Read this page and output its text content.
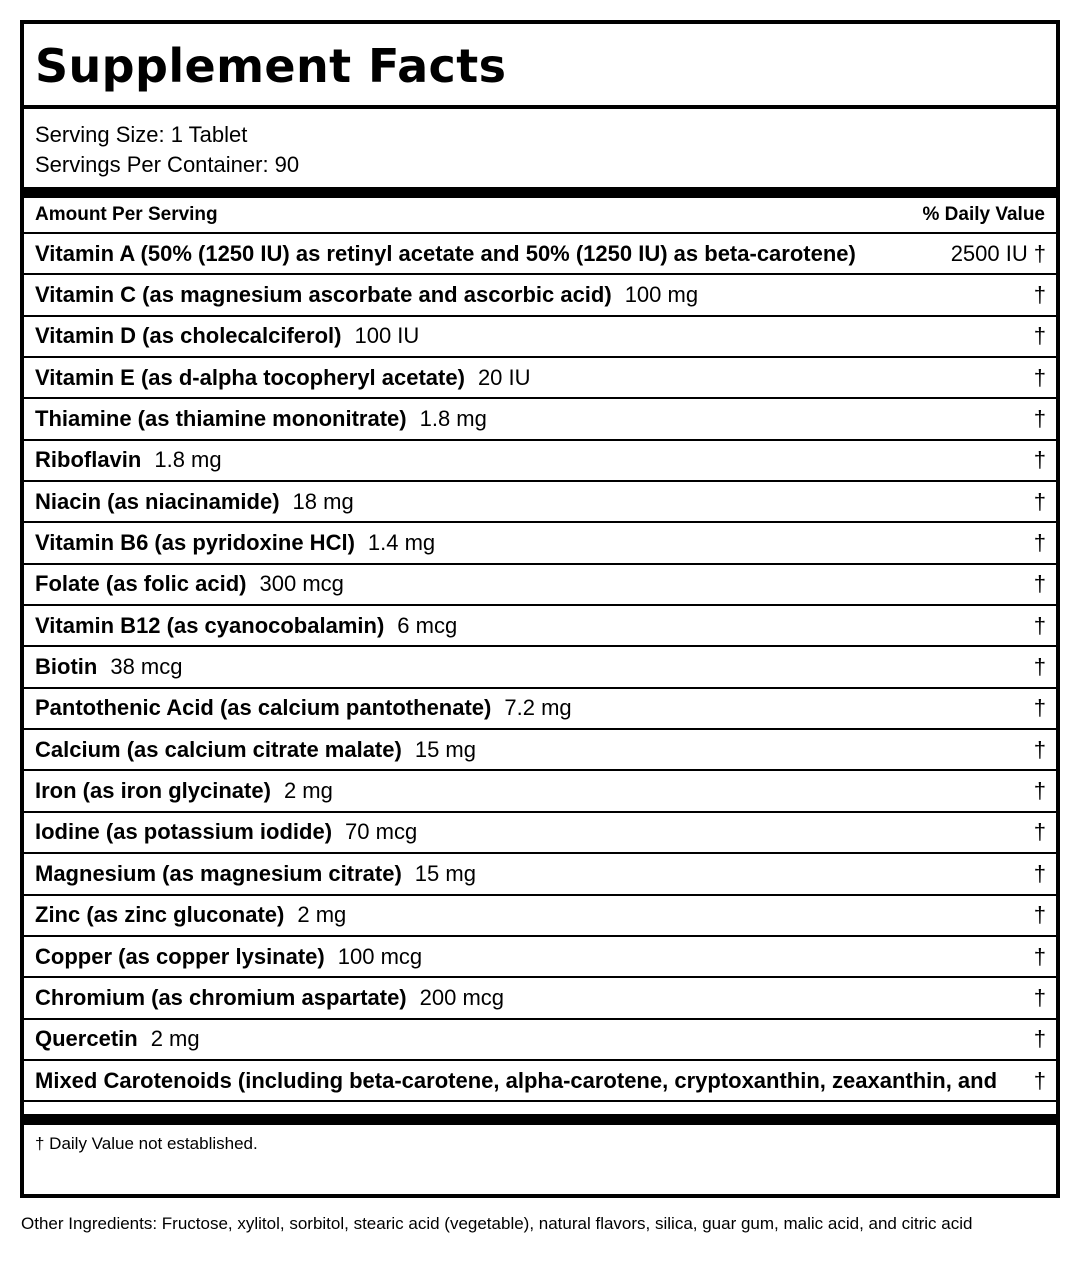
Supplement Facts
Serving Size: 1 Tablet
Servings Per Container: 90
Amount Per Serving	% Daily Value
Vitamin A (50% (1250 IU) as retinyl acetate and 50% (1250 IU) as beta-carotene)	2500 IU †
Vitamin C (as magnesium ascorbate and ascorbic acid) 100 mg	†
Vitamin D (as cholecalciferol) 100 IU	†
Vitamin E (as d-alpha tocopheryl acetate) 20 IU	†
Thiamine (as thiamine mononitrate) 1.8 mg	†
Riboflavin 1.8 mg	†
Niacin (as niacinamide) 18 mg	†
Vitamin B6 (as pyridoxine HCl) 1.4 mg	†
Folate (as folic acid) 300 mcg	†
Vitamin B12 (as cyanocobalamin) 6 mcg	†
Biotin 38 mcg	†
Pantothenic Acid (as calcium pantothenate) 7.2 mg	†
Calcium (as calcium citrate malate) 15 mg	†
Iron (as iron glycinate) 2 mg	†
Iodine (as potassium iodide) 70 mcg	†
Magnesium (as magnesium citrate) 15 mg	†
Zinc (as zinc gluconate) 2 mg	†
Copper (as copper lysinate) 100 mcg	†
Chromium (as chromium aspartate) 200 mcg	†
Quercetin 2 mg	†
Mixed Carotenoids (including beta-carotene, alpha-carotene, cryptoxanthin, zeaxanthin, and †
† Daily Value not established.
Other Ingredients: Fructose, xylitol, sorbitol, stearic acid (vegetable), natural flavors, silica, guar gum, malic acid, and citric acid
